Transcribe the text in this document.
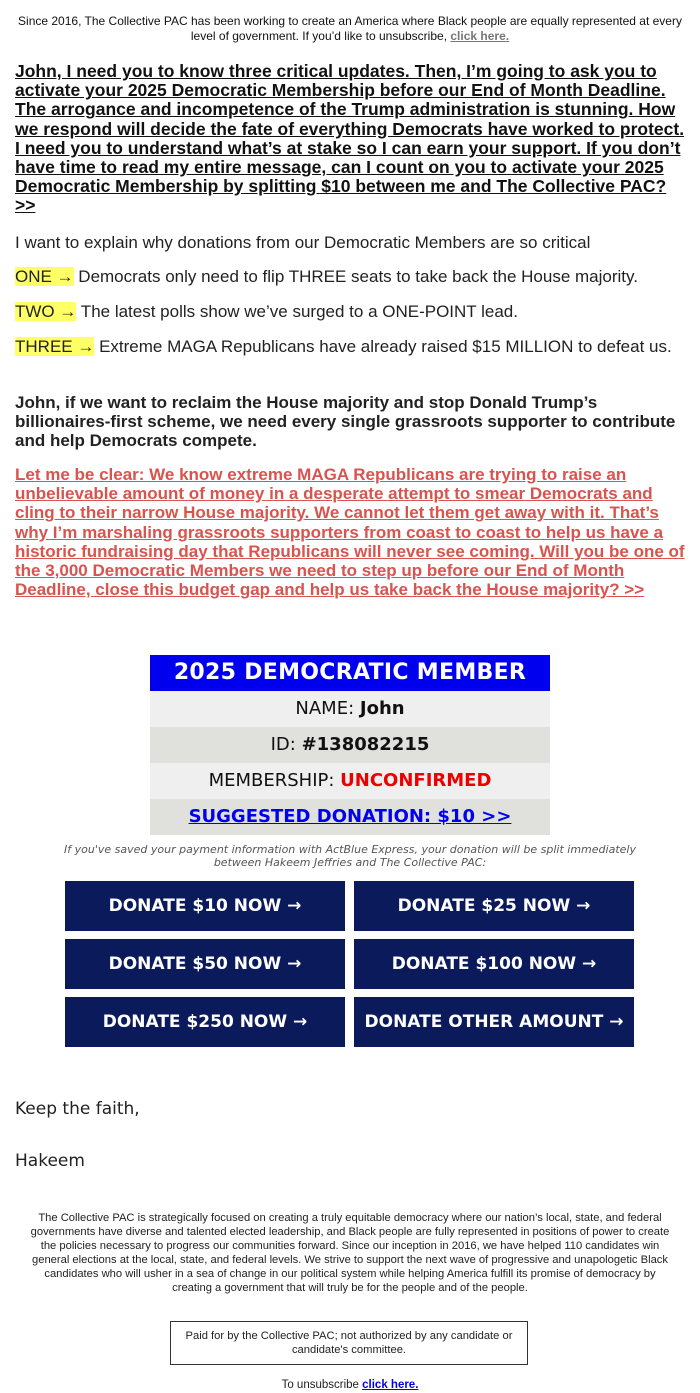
Since 2016, The Collective PAC has been working to create an America where Black people are equally represented at every level of government. If you’d like to unsubscribe, click here.
John, I need you to know three critical updates. Then, I’m going to ask you to activate your 2025 Democratic Membership before our End of Month Deadline. The arrogance and incompetence of the Trump administration is stunning. How we respond will decide the fate of everything Democrats have worked to protect. I need you to understand what’s at stake so I can earn your support. If you don’t have time to read my entire message, can I count on you to activate your 2025 Democratic Membership by splitting $10 between me and The Collective PAC? >>
I want to explain why donations from our Democratic Members are so critical
ONE → Democrats only need to flip THREE seats to take back the House majority.
TWO → The latest polls show we’ve surged to a ONE-POINT lead.
THREE → Extreme MAGA Republicans have already raised $15 MILLION to defeat us.
John, if we want to reclaim the House majority and stop Donald Trump’s billionaires-first scheme, we need every single grassroots supporter to contribute and help Democrats compete.
Let me be clear: We know extreme MAGA Republicans are trying to raise an unbelievable amount of money in a desperate attempt to smear Democrats and cling to their narrow House majority. We cannot let them get away with it. That’s why I’m marshaling grassroots supporters from coast to coast to help us have a historic fundraising day that Republicans will never see coming. Will you be one of the 3,000 Democratic Members we need to step up before our End of Month Deadline, close this budget gap and help us take back the House majority? >>
2025 DEMOCRATIC MEMBER
NAME: John
ID: #138082215
MEMBERSHIP: UNCONFIRMED
SUGGESTED DONATION: $10 >>
If you've saved your payment information with ActBlue Express, your donation will be split immediately between Hakeem Jeffries and The Collective PAC:
DONATE $10 NOW →	DONATE $25 NOW →
DONATE $50 NOW →	DONATE $100 NOW →
DONATE $250 NOW →	DONATE OTHER AMOUNT →
Keep the faith,
Hakeem
The Collective PAC is strategically focused on creating a truly equitable democracy where our nation’s local, state, and federal governments have diverse and talented elected leadership, and Black people are fully represented in positions of power to create the policies necessary to progress our communities forward. Since our inception in 2016, we have helped 110 candidates win general elections at the local, state, and federal levels. We strive to support the next wave of progressive and unapologetic Black candidates who will usher in a sea of change in our political system while helping America fulfill its promise of democracy by creating a government that will truly be for the people and of the people.
Paid for by the Collective PAC; not authorized by any candidate or candidate's committee.
To unsubscribe click here.
